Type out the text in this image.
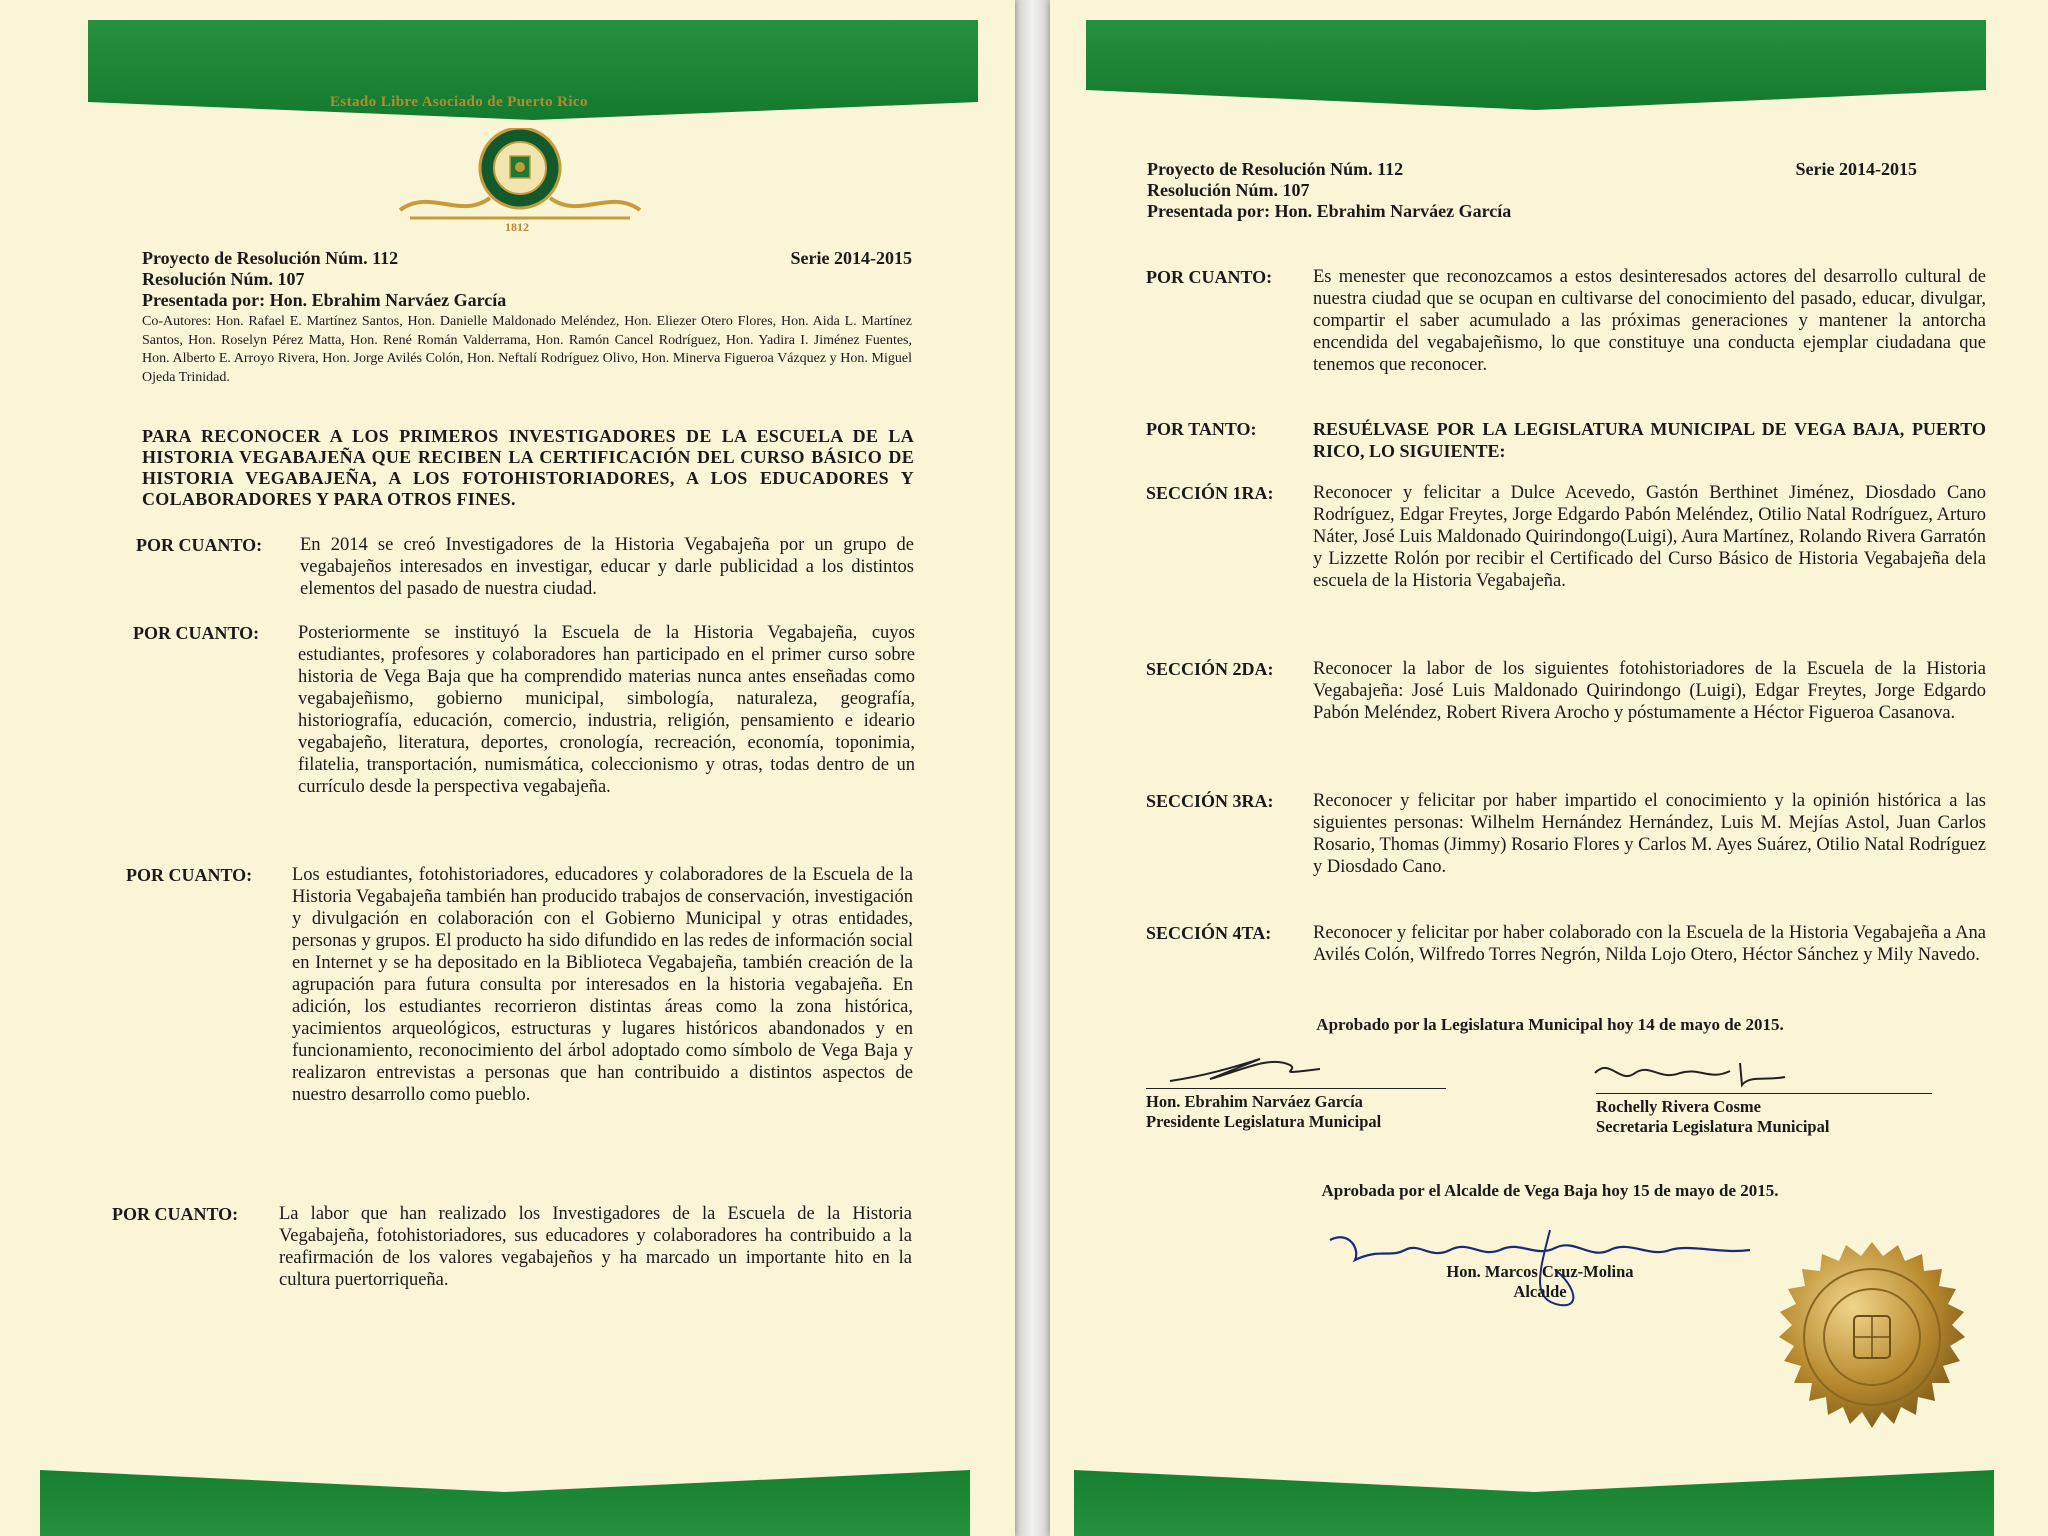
Estado Libre Asociado de Puerto Rico
1812
Proyecto de Resolución Núm. 112	Serie 2014-2015
Resolución Núm. 107
Presentada por: Hon. Ebrahim Narváez García
Co-Autores: Hon. Rafael E. Martínez Santos, Hon. Danielle Maldonado Meléndez, Hon. Eliezer Otero Flores, Hon. Aida L. Martínez Santos, Hon. Roselyn Pérez Matta, Hon. René Román Valderrama, Hon. Ramón Cancel Rodríguez, Hon. Yadira I. Jiménez Fuentes, Hon. Alberto E. Arroyo Rivera, Hon. Jorge Avilés Colón, Hon. Neftalí Rodríguez Olivo, Hon. Minerva Figueroa Vázquez y Hon. Miguel Ojeda Trinidad.
PARA RECONOCER A LOS PRIMEROS INVESTIGADORES DE LA ESCUELA DE LA HISTORIA VEGABAJEÑA QUE RECIBEN LA CERTIFICACIÓN DEL CURSO BÁSICO DE HISTORIA VEGABAJEÑA, A LOS FOTOHISTORIADORES, A LOS EDUCADORES Y COLABORADORES Y PARA OTROS FINES.
POR CUANTO:	En 2014 se creó Investigadores de la Historia Vegabajeña por un grupo de vegabajeños interesados en investigar, educar y darle publicidad a los distintos elementos del pasado de nuestra ciudad.
POR CUANTO:	Posteriormente se instituyó la Escuela de la Historia Vegabajeña, cuyos estudiantes, profesores y colaboradores han participado en el primer curso sobre historia de Vega Baja que ha comprendido materias nunca antes enseñadas como vegabajeñismo, gobierno municipal, simbología, naturaleza, geografía, historiografía, educación, comercio, industria, religión, pensamiento e ideario vegabajeño, literatura, deportes, cronología, recreación, economía, toponimia, filatelia, transportación, numismática, coleccionismo y otras, todas dentro de un currículo desde la perspectiva vegabajeña.
POR CUANTO:	Los estudiantes, fotohistoriadores, educadores y colaboradores de la Escuela de la Historia Vegabajeña también han producido trabajos de conservación, investigación y divulgación en colaboración con el Gobierno Municipal y otras entidades, personas y grupos. El producto ha sido difundido en las redes de información social en Internet y se ha depositado en la Biblioteca Vegabajeña, también creación de la agrupación para futura consulta por interesados en la historia vegabajeña. En adición, los estudiantes recorrieron distintas áreas como la zona histórica, yacimientos arqueológicos, estructuras y lugares históricos abandonados y en funcionamiento, reconocimiento del árbol adoptado como símbolo de Vega Baja y realizaron entrevistas a personas que han contribuido a distintos aspectos de nuestro desarrollo como pueblo.
POR CUANTO:	La labor que han realizado los Investigadores de la Escuela de la Historia Vegabajeña, fotohistoriadores, sus educadores y colaboradores ha contribuido a la reafirmación de los valores vegabajeños y ha marcado un importante hito en la cultura puertorriqueña.
Proyecto de Resolución Núm. 112	Serie 2014-2015
Resolución Núm. 107
Presentada por: Hon. Ebrahim Narváez García
POR CUANTO:	Es menester que reconozcamos a estos desinteresados actores del desarrollo cultural de nuestra ciudad que se ocupan en cultivarse del conocimiento del pasado, educar, divulgar, compartir el saber acumulado a las próximas generaciones y mantener la antorcha encendida del vegabajeñismo, lo que constituye una conducta ejemplar ciudadana que tenemos que reconocer.
POR TANTO:	RESUÉLVASE POR LA LEGISLATURA MUNICIPAL DE VEGA BAJA, PUERTO RICO, LO SIGUIENTE:
SECCIÓN 1RA:	Reconocer y felicitar a Dulce Acevedo, Gastón Berthinet Jiménez, Diosdado Cano Rodríguez, Edgar Freytes, Jorge Edgardo Pabón Meléndez, Otilio Natal Rodríguez, Arturo Náter, José Luis Maldonado Quirindongo(Luigi), Aura Martínez, Rolando Rivera Garratón y Lizzette Rolón por recibir el Certificado del Curso Básico de Historia Vegabajeña dela escuela de la Historia Vegabajeña.
SECCIÓN 2DA:	Reconocer la labor de los siguientes fotohistoriadores de la Escuela de la Historia Vegabajeña: José Luis Maldonado Quirindongo (Luigi), Edgar Freytes, Jorge Edgardo Pabón Meléndez, Robert Rivera Arocho y póstumamente a Héctor Figueroa Casanova.
SECCIÓN 3RA:	Reconocer y felicitar por haber impartido el conocimiento y la opinión histórica a las siguientes personas: Wilhelm Hernández Hernández, Luis M. Mejías Astol, Juan Carlos Rosario, Thomas (Jimmy) Rosario Flores y Carlos M. Ayes Suárez, Otilio Natal Rodríguez y Diosdado Cano.
SECCIÓN 4TA:	Reconocer y felicitar por haber colaborado con la Escuela de la Historia Vegabajeña a Ana Avilés Colón, Wilfredo Torres Negrón, Nilda Lojo Otero, Héctor Sánchez y Mily Navedo.
Aprobado por la Legislatura Municipal hoy 14 de mayo de 2015.
Hon. Ebrahim Narváez García
Presidente Legislatura Municipal
Rochelly Rivera Cosme
Secretaria Legislatura Municipal
Aprobada por el Alcalde de Vega Baja hoy 15 de mayo de 2015.
Hon. Marcos Cruz-Molina
Alcalde
